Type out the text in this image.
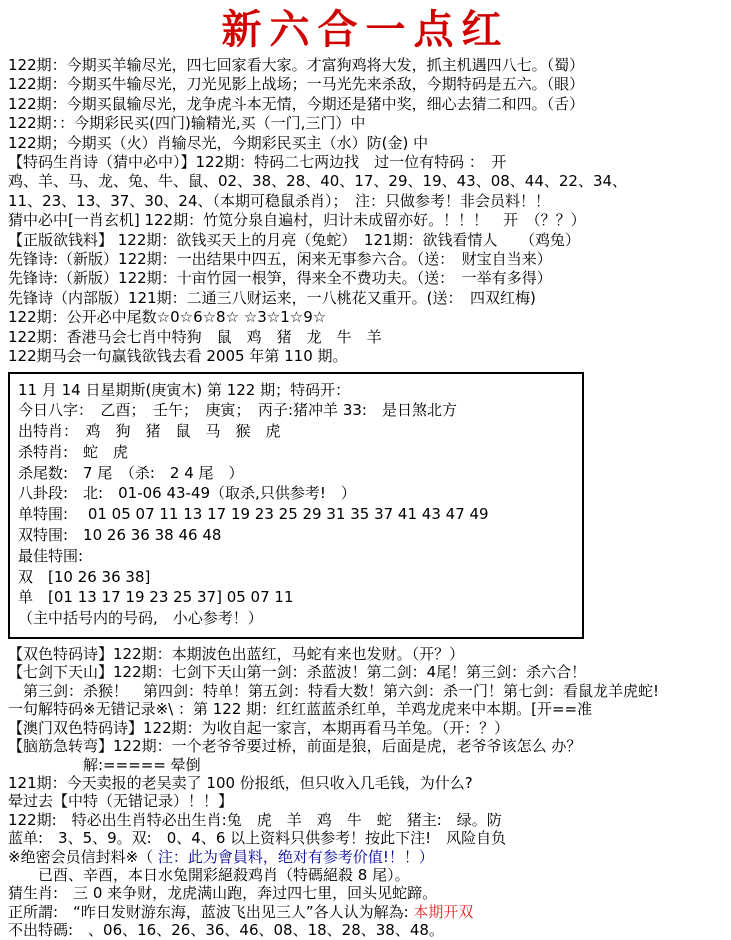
新六合一点红
122期：今期买羊输尽光，四七回家看大家。才富狗鸡将大发，抓主机遇四八七。（蜀）
122期：今期买牛输尽光，刀光见影上战场；一马光先来杀敌，今期特码是五六。（眼）
122期：今期买鼠输尽光，龙争虎斗本无情，今期还是猪中奖，细心去猜二和四。（舌）
122期：：今期彩民买(四门)输精光,买（一门,三门）中
122期；今期买（火）肖输尽光，今期彩民买主（水）防(金) 中
【特码生肖诗（猜中必中）】122期：特码二七两边找　过一位有特码 ：　开
鸡、羊、马、龙、兔、牛、鼠、02、38、28、40、17、29、19、43、08、44、22、34、
11、23、13、37、30、24、（本期可稳鼠杀肖）；　注：只做参考！非会员料！！
猜中必中[一肖玄机] 122期：竹笕分泉自遍村，归计未成留亦好。！！！　开　（？？）
【正版欲钱料】 122期：欲钱买天上的月亮（兔蛇）　121期：欲钱看情人　　（鸡兔）
先锋诗:（新版）122期：一出结果中四五，闲来无事参六合。（送：　财宝自当来）
先锋诗:（新版）122期：十亩竹园一根笋，得来全不费功夫。（送：　一举有多得）
先锋诗（内部版）121期：二通三八财运来，一八桃花又重开。(送：　四双红梅)
122期：公开必中尾数☆0☆6☆8☆ ☆3☆1☆9☆
122期：香港马会七肖中特狗　鼠　鸡　猪　龙　牛　羊
122期马会一句赢钱欲钱去看 2005 年第 110 期。
11 月 14 日星期斯(庚寅木) 第 122 期；特码开：
今日八字：　乙酉；　壬午；　庚寅；　丙子:猪冲羊 33:　是日煞北方
出特肖：　鸡　狗　猪　鼠　马　猴　虎
杀特肖:　蛇　虎
杀尾数:　7 尾　（杀:　2 4 尾　）
八卦段:　北:　01-06 43-49（取杀,只供参考!　）
单特围:　 01 05 07 11 13 17 19 23 25 29 31 35 37 41 43 47 49
双特围:　10 26 36 38 46 48
最佳特围:
双　[10 26 36 38]
单　[01 13 17 19 23 25 37] 05 07 11
（主中括号内的号码,　小心参考！）
【双色特码诗】122期：本期波色出蓝红，马蛇有来也发财。（开？）
【七剑下天山】122期：七剑下天山第一剑：杀蓝波！第二剑：4尾！第三剑：杀六合！
　第三剑：杀猴！　第四剑：特单！第五剑：特看大数！第六剑：杀一门！第七剑：看鼠龙羊虎蛇!
一句解特码※无错记录※\ ：第 122 期：红红蓝蓝杀红单，羊鸡龙虎来中本期。[开==准
【澳门双色特码诗】122期：为收自起一家言，本期再看马羊兔。（开：？）
【脑筋急转弯】122期：一个老爷爷要过桥，前面是狼，后面是虎，老爷爷该怎么 办？
　　　　　解:===== 晕倒
121期：今天卖报的老吴卖了 100 份报纸，但只收入几毛钱，为什么?
晕过去【中特（无错记录）！！】
122期:　特必出生肖特必出生肖:兔　虎　羊　鸡　牛　蛇　猪主:　绿。防
蓝单:　3、5、9。双:　0、4、6 以上资料只供参考！按此下注!　风险自负
※绝密会员信封料※（ 注：此为會員料，绝对有参考价值!！！）
　　已酉、辛酉，本日水兔開彩絕殺鸡肖（特碼絕殺 8 尾）。
猜生肖:　三 0 来争财，龙虎满山跑，奔过四七里，回头见蛇蹄。
正所謂:　“昨日发财游东海，蓝波飞出见三人”各人认为解為: 本期开双
不出特碼:　、06、16、26、36、46、08、18、28、38、48。
